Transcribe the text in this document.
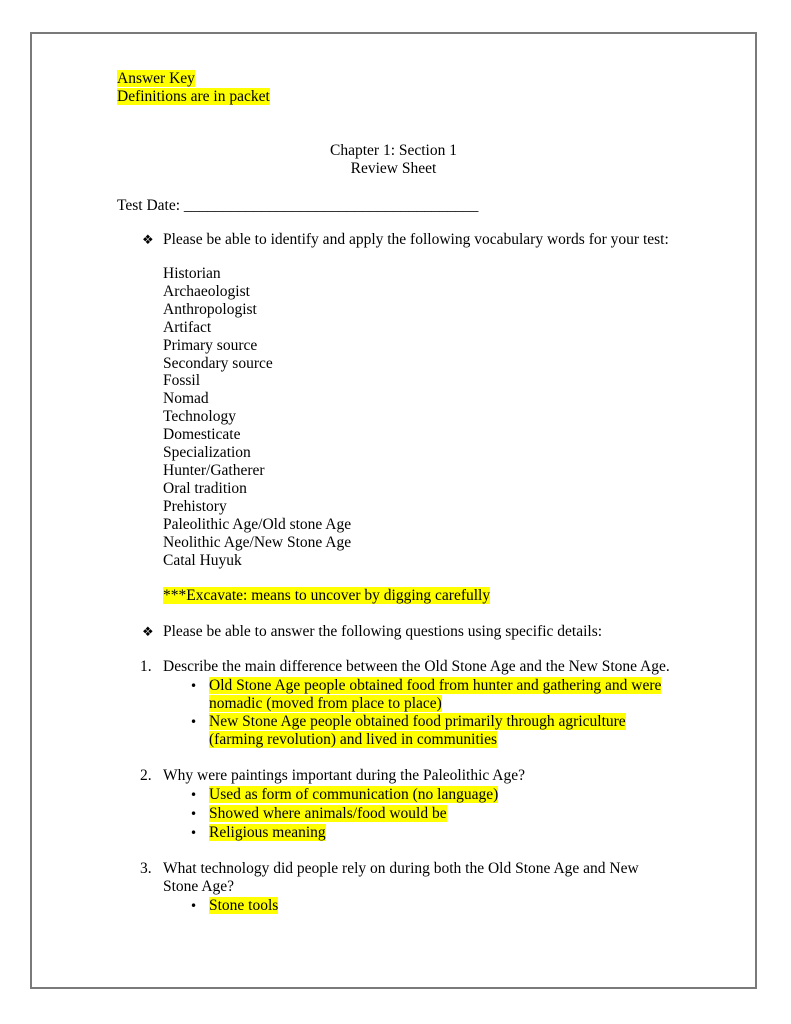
Answer Key
Definitions are in packet
Chapter 1: Section 1
Review Sheet
Test Date: ______________________________________
❖ Please be able to identify and apply the following vocabulary words for your test:
Historian
Archaeologist
Anthropologist
Artifact
Primary source
Secondary source
Fossil
Nomad
Technology
Domesticate
Specialization
Hunter/Gatherer
Oral tradition
Prehistory
Paleolithic Age/Old stone Age
Neolithic Age/New Stone Age
Catal Huyuk
***Excavate: means to uncover by digging carefully
❖ Please be able to answer the following questions using specific details:
1. Describe the main difference between the Old Stone Age and the New Stone Age.
• Old Stone Age people obtained food from hunter and gathering and were
nomadic (moved from place to place)
• New Stone Age people obtained food primarily through agriculture
(farming revolution) and lived in communities
2. Why were paintings important during the Paleolithic Age?
• Used as form of communication (no language)
• Showed where animals/food would be
• Religious meaning
3. What technology did people rely on during both the Old Stone Age and New
Stone Age?
• Stone tools
